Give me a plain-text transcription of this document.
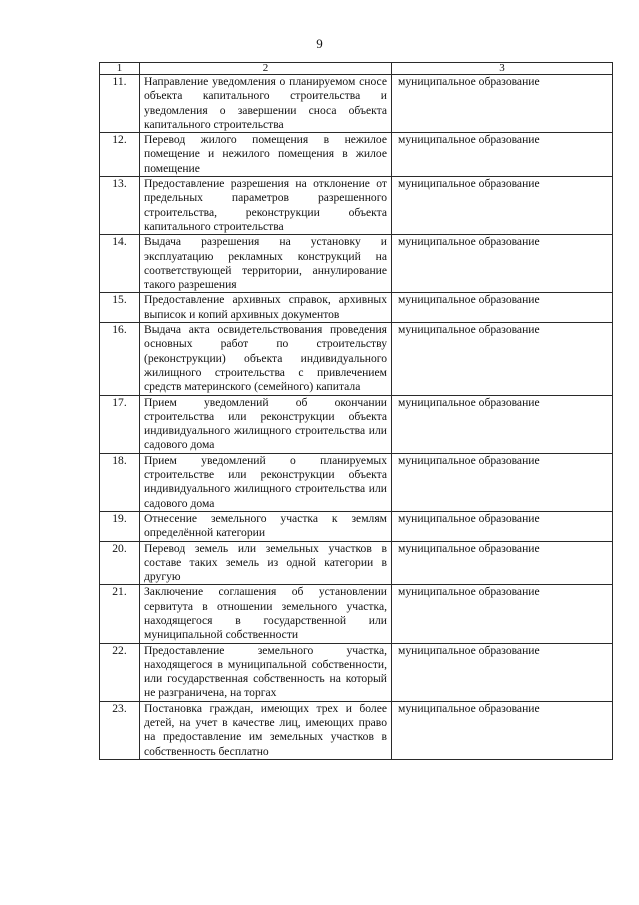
9
1	2	3
11.	Направление уведомления о планируемом сносе объекта капитального строительства и уведомления о завершении сноса объекта капитального строительства	муниципальное образование
12.	Перевод жилого помещения в нежилое помещение и нежилого помещения в жилое помещение	муниципальное образование
13.	Предоставление разрешения на отклонение от предельных параметров разрешенного строительства, реконструкции объекта капитального строительства	муниципальное образование
14.	Выдача разрешения на установку и эксплуатацию рекламных конструкций на соответствующей территории, аннулирование такого разрешения	муниципальное образование
15.	Предоставление архивных справок, архивных выписок и копий архивных документов	муниципальное образование
16.	Выдача акта освидетельствования проведения основных работ по строительству (реконструкции) объекта индивидуального жилищного строительства с привлечением средств материнского (семейного) капитала	муниципальное образование
17.	Прием уведомлений об окончании строительства или реконструкции объекта индивидуального жилищного строительства или садового дома	муниципальное образование
18.	Прием уведомлений о планируемых строительстве или реконструкции объекта индивидуального жилищного строительства или садового дома	муниципальное образование
19.	Отнесение земельного участка к землям определённой категории	муниципальное образование
20.	Перевод земель или земельных участков в составе таких земель из одной категории в другую	муниципальное образование
21.	Заключение соглашения об установлении сервитута в отношении земельного участка, находящегося в государственной или муниципальной собственности	муниципальное образование
22.	Предоставление земельного участка, находящегося в муниципальной собственности, или государственная собственность на который не разграничена, на торгах	муниципальное образование
23.	Постановка граждан, имеющих трех и более детей, на учет в качестве лиц, имеющих право на предоставление им земельных участков в собственность бесплатно	муниципальное образование
